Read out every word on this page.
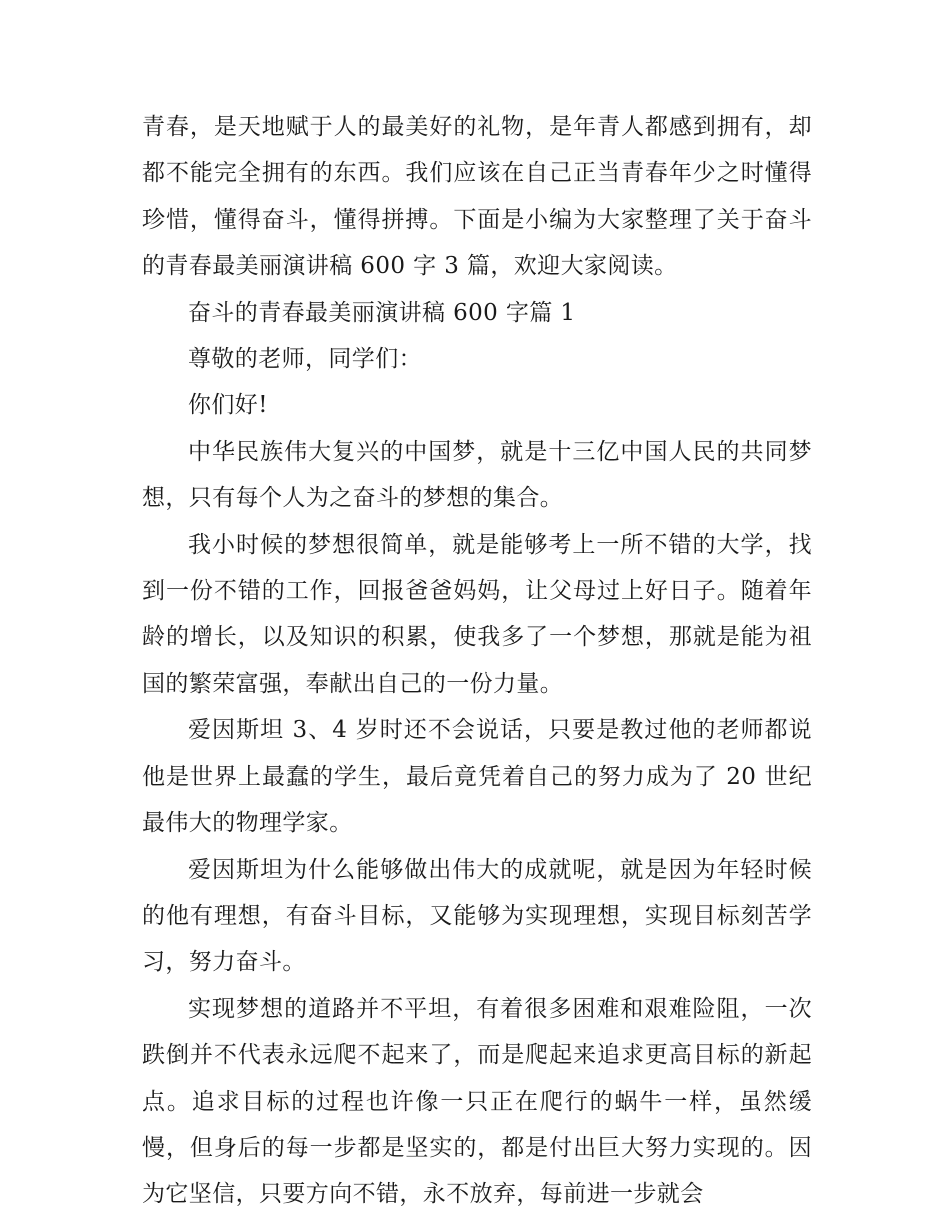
青春，是天地赋于人的最美好的礼物，是年青人都感到拥有，却都不能完全拥有的东西。我们应该在自己正当青春年少之时懂得珍惜，懂得奋斗，懂得拼搏。下面是小编为大家整理了关于奋斗的青春最美丽演讲稿 600 字 3 篇，欢迎大家阅读。

奋斗的青春最美丽演讲稿 600 字篇 1

尊敬的老师，同学们：

你们好!

中华民族伟大复兴的中国梦，就是十三亿中国人民的共同梦想，只有每个人为之奋斗的梦想的集合。

我小时候的梦想很简单，就是能够考上一所不错的大学，找到一份不错的工作，回报爸爸妈妈，让父母过上好日子。随着年龄的增长，以及知识的积累，使我多了一个梦想，那就是能为祖国的繁荣富强，奉献出自己的一份力量。

爱因斯坦 3、4 岁时还不会说话，只要是教过他的老师都说他是世界上最蠢的学生，最后竟凭着自己的努力成为了 20 世纪最伟大的物理学家。

爱因斯坦为什么能够做出伟大的成就呢，就是因为年轻时候的他有理想，有奋斗目标，又能够为实现理想，实现目标刻苦学习，努力奋斗。

实现梦想的道路并不平坦，有着很多困难和艰难险阻，一次跌倒并不代表永远爬不起来了，而是爬起来追求更高目标的新起点。追求目标的过程也许像一只正在爬行的蜗牛一样，虽然缓慢，但身后的每一步都是坚实的，都是付出巨大努力实现的。因为它坚信，只要方向不错，永不放弃，每前进一步就会
